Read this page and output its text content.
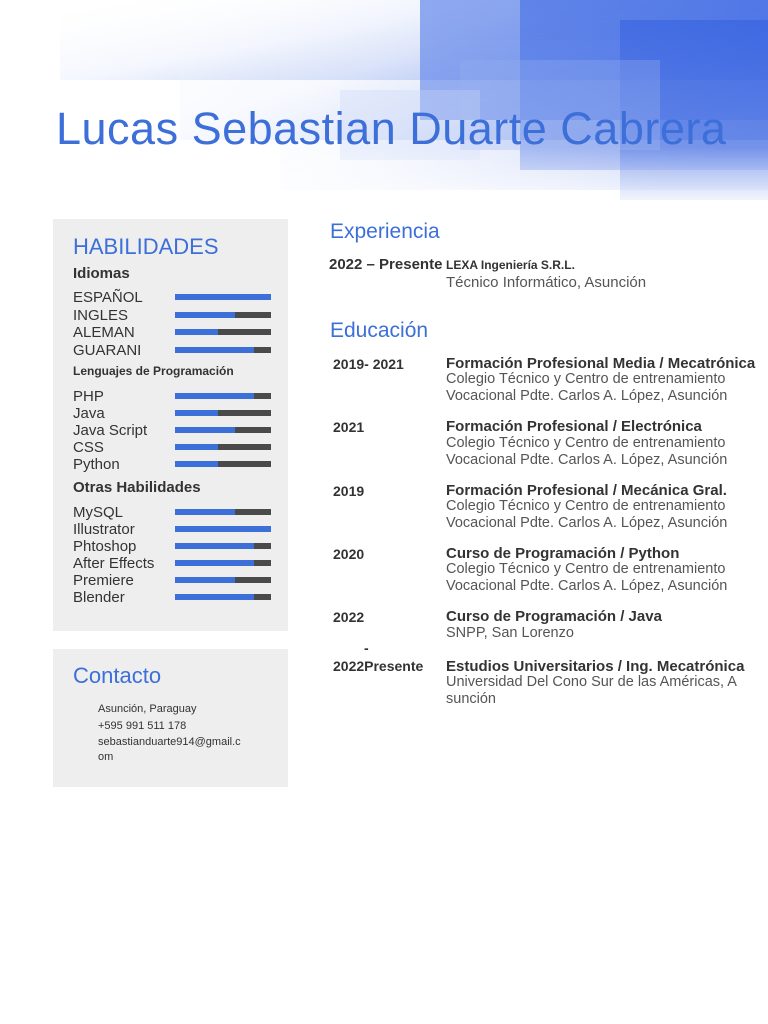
Lucas Sebastian Duarte Cabrera
HABILIDADES
Idiomas
ESPAÑOL
INGLES
ALEMAN
GUARANI
Lenguajes de Programación
PHP
Java
Java Script
CSS
Python
Otras Habilidades
MySQL
Illustrator
Phtoshop
After Effects
Premiere
Blender
Contacto
Asunción, Paraguay
+595 991 511 178
sebastianduarte914@gmail.c
om
Experiencia
2022 – Presente LEXA Ingeniería S.R.L.
Técnico Informático, Asunción
Educación
2019- 2021	Formación Profesional Media / Mecatrónica
Colegio Técnico y Centro de entrenamiento
Vocacional Pdte. Carlos A. López, Asunción
2021	Formación Profesional / Electrónica
Colegio Técnico y Centro de entrenamiento
Vocacional Pdte. Carlos A. López, Asunción
2019	Formación Profesional / Mecánica Gral.
Colegio Técnico y Centro de entrenamiento
Vocacional Pdte. Carlos A. López, Asunción
2020	Curso de Programación / Python
Colegio Técnico y Centro de entrenamiento
Vocacional Pdte. Carlos A. López, Asunción
2022	Curso de Programación / Java
SNPP, San Lorenzo
-
2022Presente Estudios Universitarios / Ing. Mecatrónica
Universidad Del Cono Sur de las Américas, A
sunción
